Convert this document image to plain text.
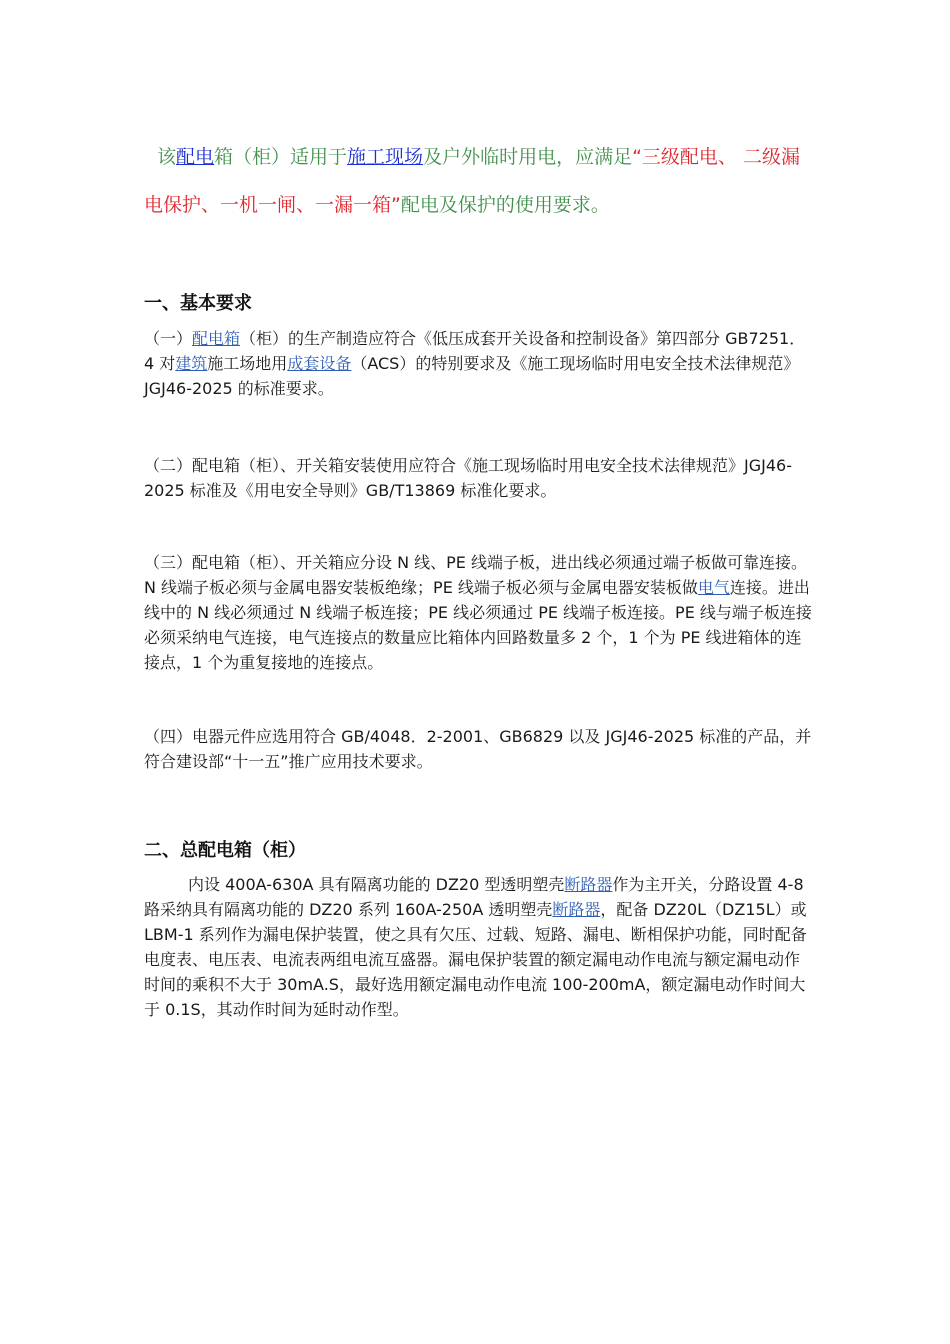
该配电箱（柜）适用于施工现场及户外临时用电，应满足“三级配电、 二级漏电保护、一机一闸、一漏一箱”配电及保护的使用要求。
一、基本要求
（一）配电箱（柜）的生产制造应符合《低压成套开关设备和控制设备》第四部分 GB7251．4 对建筑施工场地用成套设备（ACS）的特别要求及《施工现场临时用电安全技术法律规范》JGJ46-2025 的标准要求。
（二）配电箱（柜）、开关箱安装使用应符合《施工现场临时用电安全技术法律规范》JGJ46-2025 标准及《用电安全导则》GB/T13869 标准化要求。
（三）配电箱（柜）、开关箱应分设 N 线、PE 线端子板，进出线必须通过端子板做可靠连接。N 线端子板必须与金属电器安装板绝缘；PE 线端子板必须与金属电器安装板做电气连接。进出线中的 N 线必须通过 N 线端子板连接；PE 线必须通过 PE 线端子板连接。PE 线与端子板连接必须采纳电气连接，电气连接点的数量应比箱体内回路数量多 2 个，1 个为 PE 线进箱体的连接点，1 个为重复接地的连接点。
（四）电器元件应选用符合 GB/4048．2-2001、GB6829 以及 JGJ46-2025 标准的产品，并符合建设部“十一五”推广应用技术要求。
二、总配电箱（柜）
内设 400A-630A 具有隔离功能的 DZ20 型透明塑壳断路器作为主开关，分路设置 4-8 路采纳具有隔离功能的 DZ20 系列 160A-250A 透明塑壳断路器，配备 DZ20L（DZ15L）或 LBM-1 系列作为漏电保护装置，使之具有欠压、过载、短路、漏电、断相保护功能，同时配备电度表、电压表、电流表两组电流互盛器。漏电保护装置的额定漏电动作电流与额定漏电动作时间的乘积不大于 30mA.S，最好选用额定漏电动作电流 100-200mA，额定漏电动作时间大于 0.1S，其动作时间为延时动作型。
